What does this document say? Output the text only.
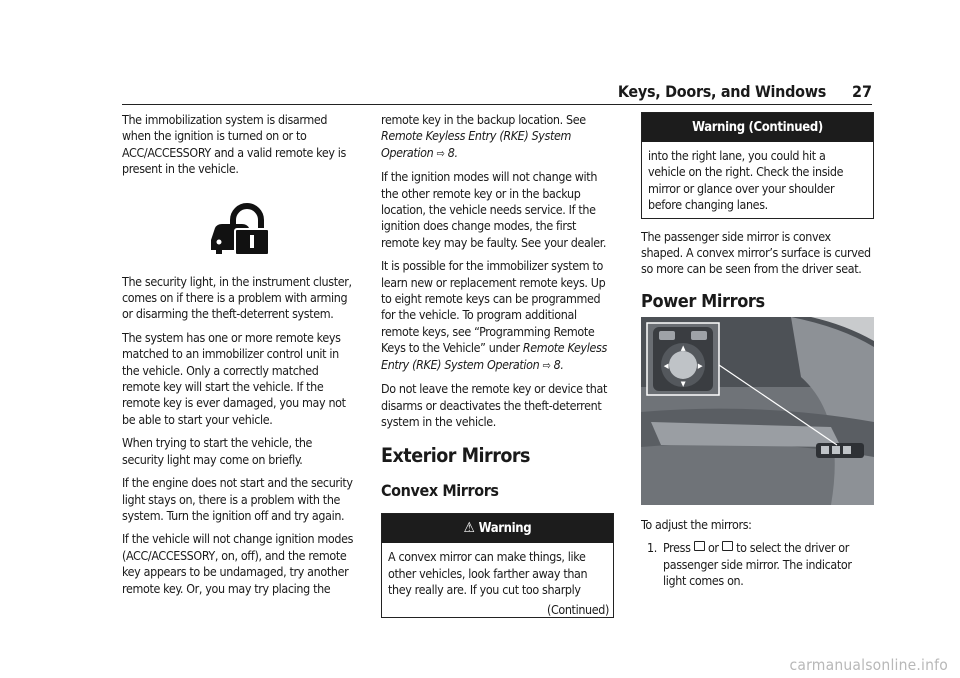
Keys, Doors, and Windows 27

The immobilization system is disarmed when the ignition is turned on or to ACC/ACCESSORY and a valid remote key is present in the vehicle.

The security light, in the instrument cluster, comes on if there is a problem with arming or disarming the theft-deterrent system.

The system has one or more remote keys matched to an immobilizer control unit in the vehicle. Only a correctly matched remote key will start the vehicle. If the remote key is ever damaged, you may not be able to start your vehicle.

When trying to start the vehicle, the security light may come on briefly.

If the engine does not start and the security light stays on, there is a problem with the system. Turn the ignition off and try again.

If the vehicle will not change ignition modes (ACC/ACCESSORY, on, off), and the remote key appears to be undamaged, try another remote key. Or, you may try placing the

remote key in the backup location. See Remote Keyless Entry (RKE) System Operation ⇨ 8.

If the ignition modes will not change with the other remote key or in the backup location, the vehicle needs service. If the ignition does change modes, the first remote key may be faulty. See your dealer.

It is possible for the immobilizer system to learn new or replacement remote keys. Up to eight remote keys can be programmed for the vehicle. To program additional remote keys, see “Programming Remote Keys to the Vehicle” under Remote Keyless Entry (RKE) System Operation ⇨ 8.

Do not leave the remote key or device that disarms or deactivates the theft-deterrent system in the vehicle.

Exterior Mirrors
Convex Mirrors
⚠ Warning
A convex mirror can make things, like other vehicles, look farther away than they really are. If you cut too sharply
(Continued)
Warning (Continued)
into the right lane, you could hit a vehicle on the right. Check the inside mirror or glance over your shoulder before changing lanes.

The passenger side mirror is convex shaped. A convex mirror’s surface is curved so more can be seen from the driver seat.

Power Mirrors
▲
▼
◀	▶

To adjust the mirrors:

1. Press or to select the driver or passenger side mirror. The indicator light comes on.
carmanualsonline.info
